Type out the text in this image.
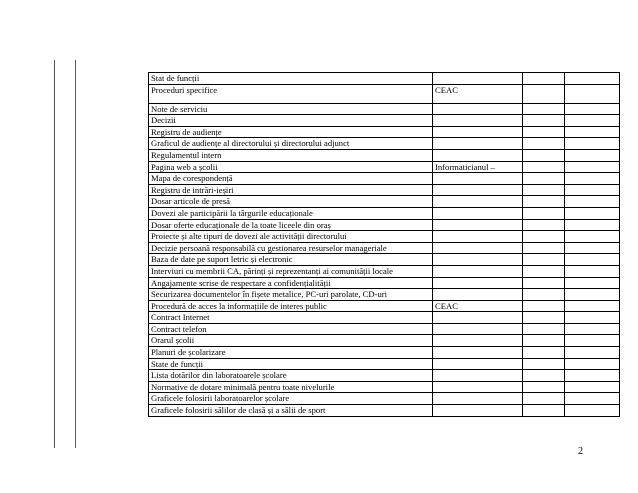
Stat de funcții			
Proceduri specifice	CEAC		
Note de serviciu			
Decizii			
Registru de audiențe			
Graficul de audiențe al directorului și directorului adjunct			
Regulamentul intern			
Pagina web a școlii	Informaticianul –		
Mapa de corespondență			
Registru de intrări-ieșiri			
Dosar articole de presă			
Dovezi ale participării la târgurile educaționale			
Dosar oferte educaționale de la toate liceele din oraș			
Proiecte și alte tipuri de dovezi ale activității directorului			
Decizie persoană responsabilă cu gestionarea resurselor manageriale			
Baza de date pe suport letric și electronic			
Interviuri cu membrii CA, părinți și reprezentanți ai comunității locale			
Angajamente scrise de respectare a confidențialității			
Securizarea documentelor în fișete metalice, PC-uri parolate, CD-uri			
Procedură de acces la informațiile de interes public	CEAC		
Contract Internet			
Contract telefon			
Orarul școlii			
Planuri de școlarizare			
State de funcții			
Lista dotărilor din laboratoarele școlare			
Normative de dotare minimală pentru toate nivelurile			
Graficele folosirii laboratoarelor școlare			
Graficele folosirii sălilor de clasă și a sălii de sport			
2
